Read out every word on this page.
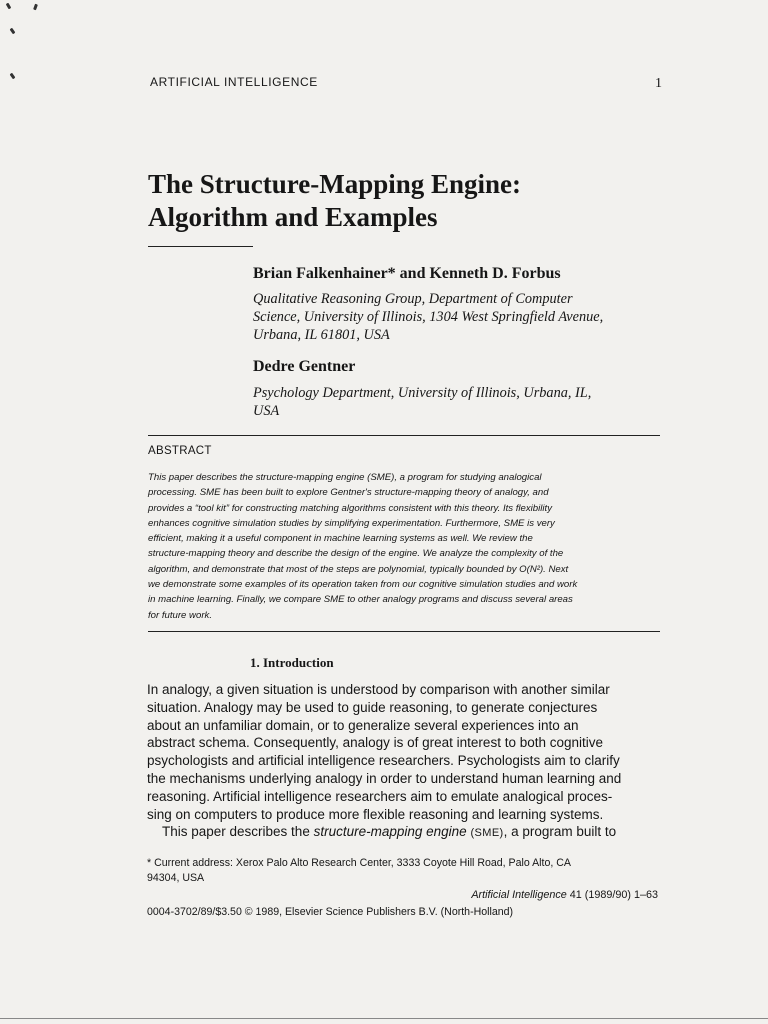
ARTIFICIAL INTELLIGENCE	1
The Structure-Mapping Engine:
Algorithm and Examples

Brian Falkenhainer* and Kenneth D. Forbus

Qualitative Reasoning Group, Department of Computer
Science, University of Illinois, 1304 West Springfield Avenue,
Urbana, IL 61801, USA

Dedre Gentner

Psychology Department, University of Illinois, Urbana, IL,
USA

ABSTRACT

This paper describes the structure-mapping engine (SME), a program for studying analogical
processing. SME has been built to explore Gentner's structure-mapping theory of analogy, and
provides a “tool kit” for constructing matching algorithms consistent with this theory. Its flexibility
enhances cognitive simulation studies by simplifying experimentation. Furthermore, SME is very
efficient, making it a useful component in machine learning systems as well. We review the
structure-mapping theory and describe the design of the engine. We analyze the complexity of the
algorithm, and demonstrate that most of the steps are polynomial, typically bounded by O(N²). Next
we demonstrate some examples of its operation taken from our cognitive simulation studies and work
in machine learning. Finally, we compare SME to other analogy programs and discuss several areas
for future work.

1. Introduction

In analogy, a given situation is understood by comparison with another similar
situation. Analogy may be used to guide reasoning, to generate conjectures
about an unfamiliar domain, or to generalize several experiences into an
abstract schema. Consequently, analogy is of great interest to both cognitive
psychologists and artificial intelligence researchers. Psychologists aim to clarify
the mechanisms underlying analogy in order to understand human learning and
reasoning. Artificial intelligence researchers aim to emulate analogical proces-
sing on computers to produce more flexible reasoning and learning systems.
This paper describes the structure-mapping engine (SME), a program built to

* Current address: Xerox Palo Alto Research Center, 3333 Coyote Hill Road, Palo Alto, CA
94304, USA

Artificial Intelligence 41 (1989/90) 1–63

0004-3702/89/$3.50 © 1989, Elsevier Science Publishers B.V. (North-Holland)
